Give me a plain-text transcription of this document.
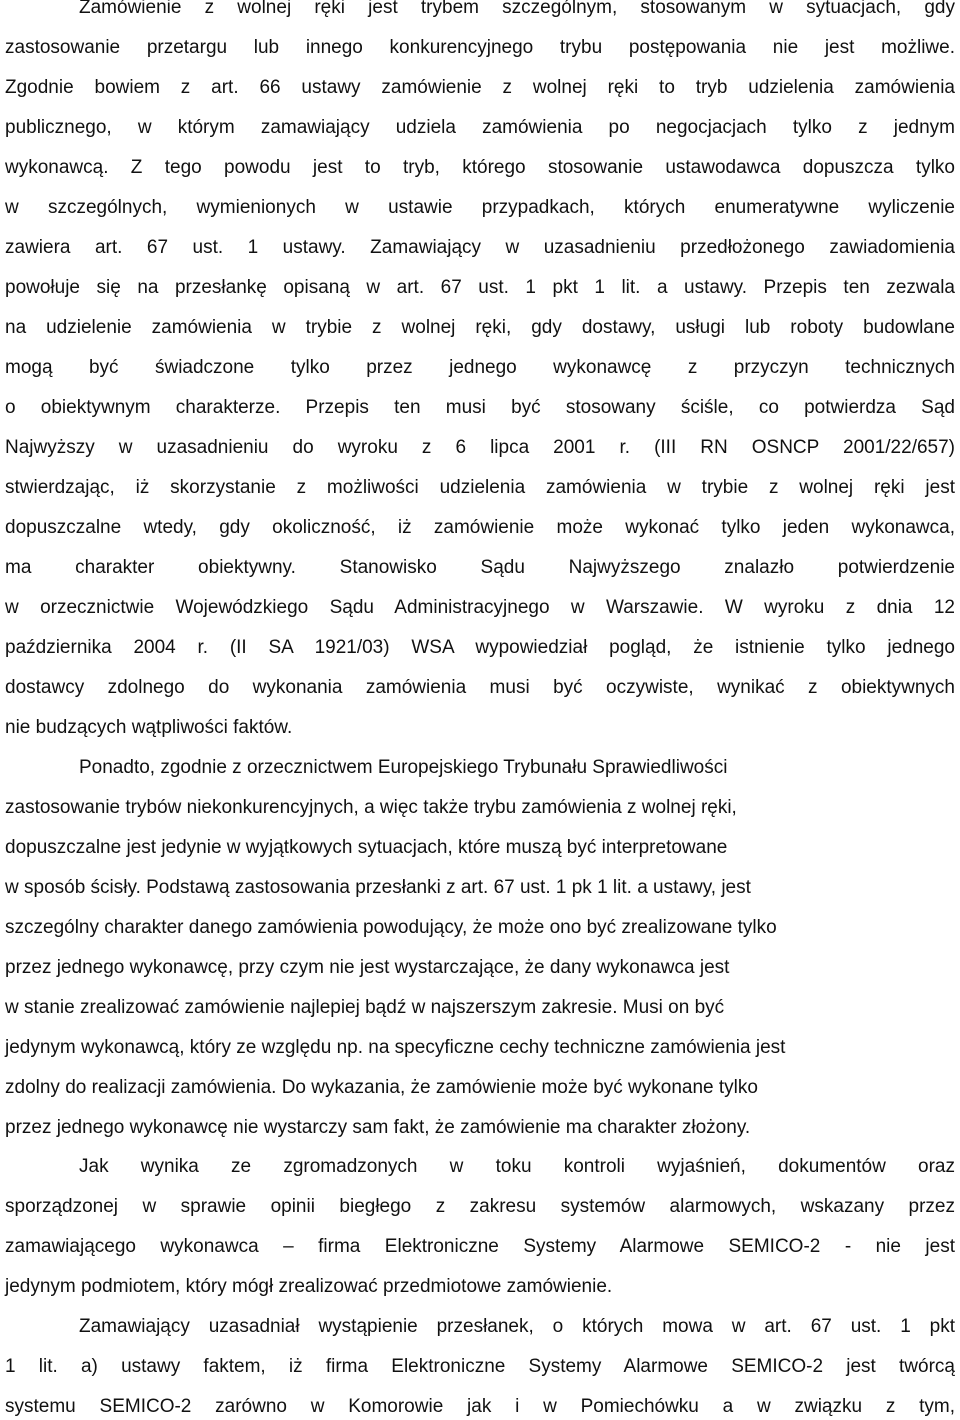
Zamówienie z wolnej ręki jest trybem szczególnym, stosowanym w sytuacjach, gdy
zastosowanie przetargu lub innego konkurencyjnego trybu postępowania nie jest możliwe.
Zgodnie bowiem z art. 66 ustawy zamówienie z wolnej ręki to tryb udzielenia zamówienia
publicznego, w którym zamawiający udziela zamówienia po negocjacjach tylko z jednym
wykonawcą. Z tego powodu jest to tryb, którego stosowanie ustawodawca dopuszcza tylko
w szczególnych, wymienionych w ustawie przypadkach, których enumeratywne wyliczenie
zawiera art. 67 ust. 1 ustawy. Zamawiający w uzasadnieniu przedłożonego zawiadomienia
powołuje się na przesłankę opisaną w art. 67 ust. 1 pkt 1 lit. a ustawy. Przepis ten zezwala
na udzielenie zamówienia w trybie z wolnej ręki, gdy dostawy, usługi lub roboty budowlane
mogą być świadczone tylko przez jednego wykonawcę z przyczyn technicznych
o obiektywnym charakterze. Przepis ten musi być stosowany ściśle, co potwierdza Sąd
Najwyższy w uzasadnieniu do wyroku z 6 lipca 2001 r. (III RN OSNCP 2001/22/657)
stwierdzając, iż skorzystanie z możliwości udzielenia zamówienia w trybie z wolnej ręki jest
dopuszczalne wtedy, gdy okoliczność, iż zamówienie może wykonać tylko jeden wykonawca,
ma charakter obiektywny. Stanowisko Sądu Najwyższego znalazło potwierdzenie
w orzecznictwie Wojewódzkiego Sądu Administracyjnego w Warszawie. W wyroku z dnia 12
października 2004 r. (II SA 1921/03) WSA wypowiedział pogląd, że istnienie tylko jednego
dostawcy zdolnego do wykonania zamówienia musi być oczywiste, wynikać z obiektywnych
nie budzących wątpliwości faktów.
Ponadto, zgodnie z orzecznictwem Europejskiego Trybunału Sprawiedliwości
zastosowanie trybów niekonkurencyjnych, a więc także trybu zamówienia z wolnej ręki,
dopuszczalne jest jedynie w wyjątkowych sytuacjach, które muszą być interpretowane
w sposób ścisły. Podstawą zastosowania przesłanki z art. 67 ust. 1 pk 1 lit. a ustawy, jest
szczególny charakter danego zamówienia powodujący, że może ono być zrealizowane tylko
przez jednego wykonawcę, przy czym nie jest wystarczające, że dany wykonawca jest
w stanie zrealizować zamówienie najlepiej bądź w najszerszym zakresie. Musi on być
jedynym wykonawcą, który ze względu np. na specyficzne cechy techniczne zamówienia jest
zdolny do realizacji zamówienia. Do wykazania, że zamówienie może być wykonane tylko
przez jednego wykonawcę nie wystarczy sam fakt, że zamówienie ma charakter złożony.
Jak wynika ze zgromadzonych w toku kontroli wyjaśnień, dokumentów oraz
sporządzonej w sprawie opinii biegłego z zakresu systemów alarmowych, wskazany przez
zamawiającego wykonawca – firma Elektroniczne Systemy Alarmowe SEMICO-2 - nie jest
jedynym podmiotem, który mógł zrealizować przedmiotowe zamówienie.
Zamawiający uzasadniał wystąpienie przesłanek, o których mowa w art. 67 ust. 1 pkt
1 lit. a) ustawy faktem, iż firma Elektroniczne Systemy Alarmowe SEMICO-2 jest twórcą
systemu SEMICO-2 zarówno w Komorowie jak i w Pomiechówku a w związku z tym,
